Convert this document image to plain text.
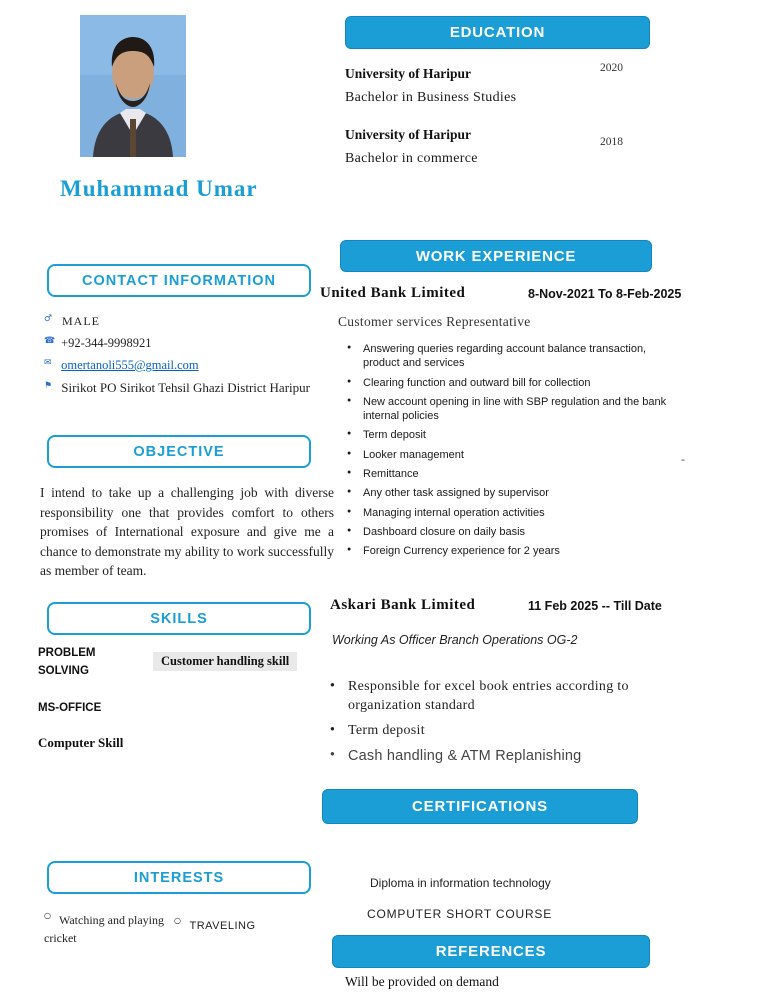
Muhammad Umar
CONTACT INFORMATION
♂ MALE
☎ +92-344-9998921
✉ omertanoli555@gmail.com
⚑ Sirikot PO Sirikot Tehsil Ghazi District Haripur
OBJECTIVE
I intend to take up a challenging job with diverse responsibility one that provides comfort to others promises of International exposure and give me a chance to demonstrate my ability to work successfully as member of team.
SKILLS
PROBLEM SOLVING
Customer handling skill
MS-OFFICE
Computer Skill
INTERESTS
○ Watching and playing cricket
○ TRAVELING
EDUCATION
University of Haripur
Bachelor in Business Studies
2020
University of Haripur
Bachelor in commerce
2018
WORK EXPERIENCE
United Bank Limited	8-Nov-2021 To 8-Feb-2025
Customer services Representative
● Answering queries regarding account balance transaction, product and services
● Clearing function and outward bill for collection
● New account opening in line with SBP regulation and the bank internal policies
● Term deposit
● Looker management
● Remittance
● Any other task assigned by supervisor
● Managing internal operation activities
● Dashboard closure on daily basis
● Foreign Currency experience for 2 years
-
Askari Bank Limited	11 Feb 2025 -- Till Date
Working As Officer Branch Operations OG-2
● Responsible for excel book entries according to organization standard
● Term deposit
● Cash handling & ATM Replanishing
CERTIFICATIONS
Diploma in information technology
COMPUTER SHORT COURSE
REFERENCES
Will be provided on demand
